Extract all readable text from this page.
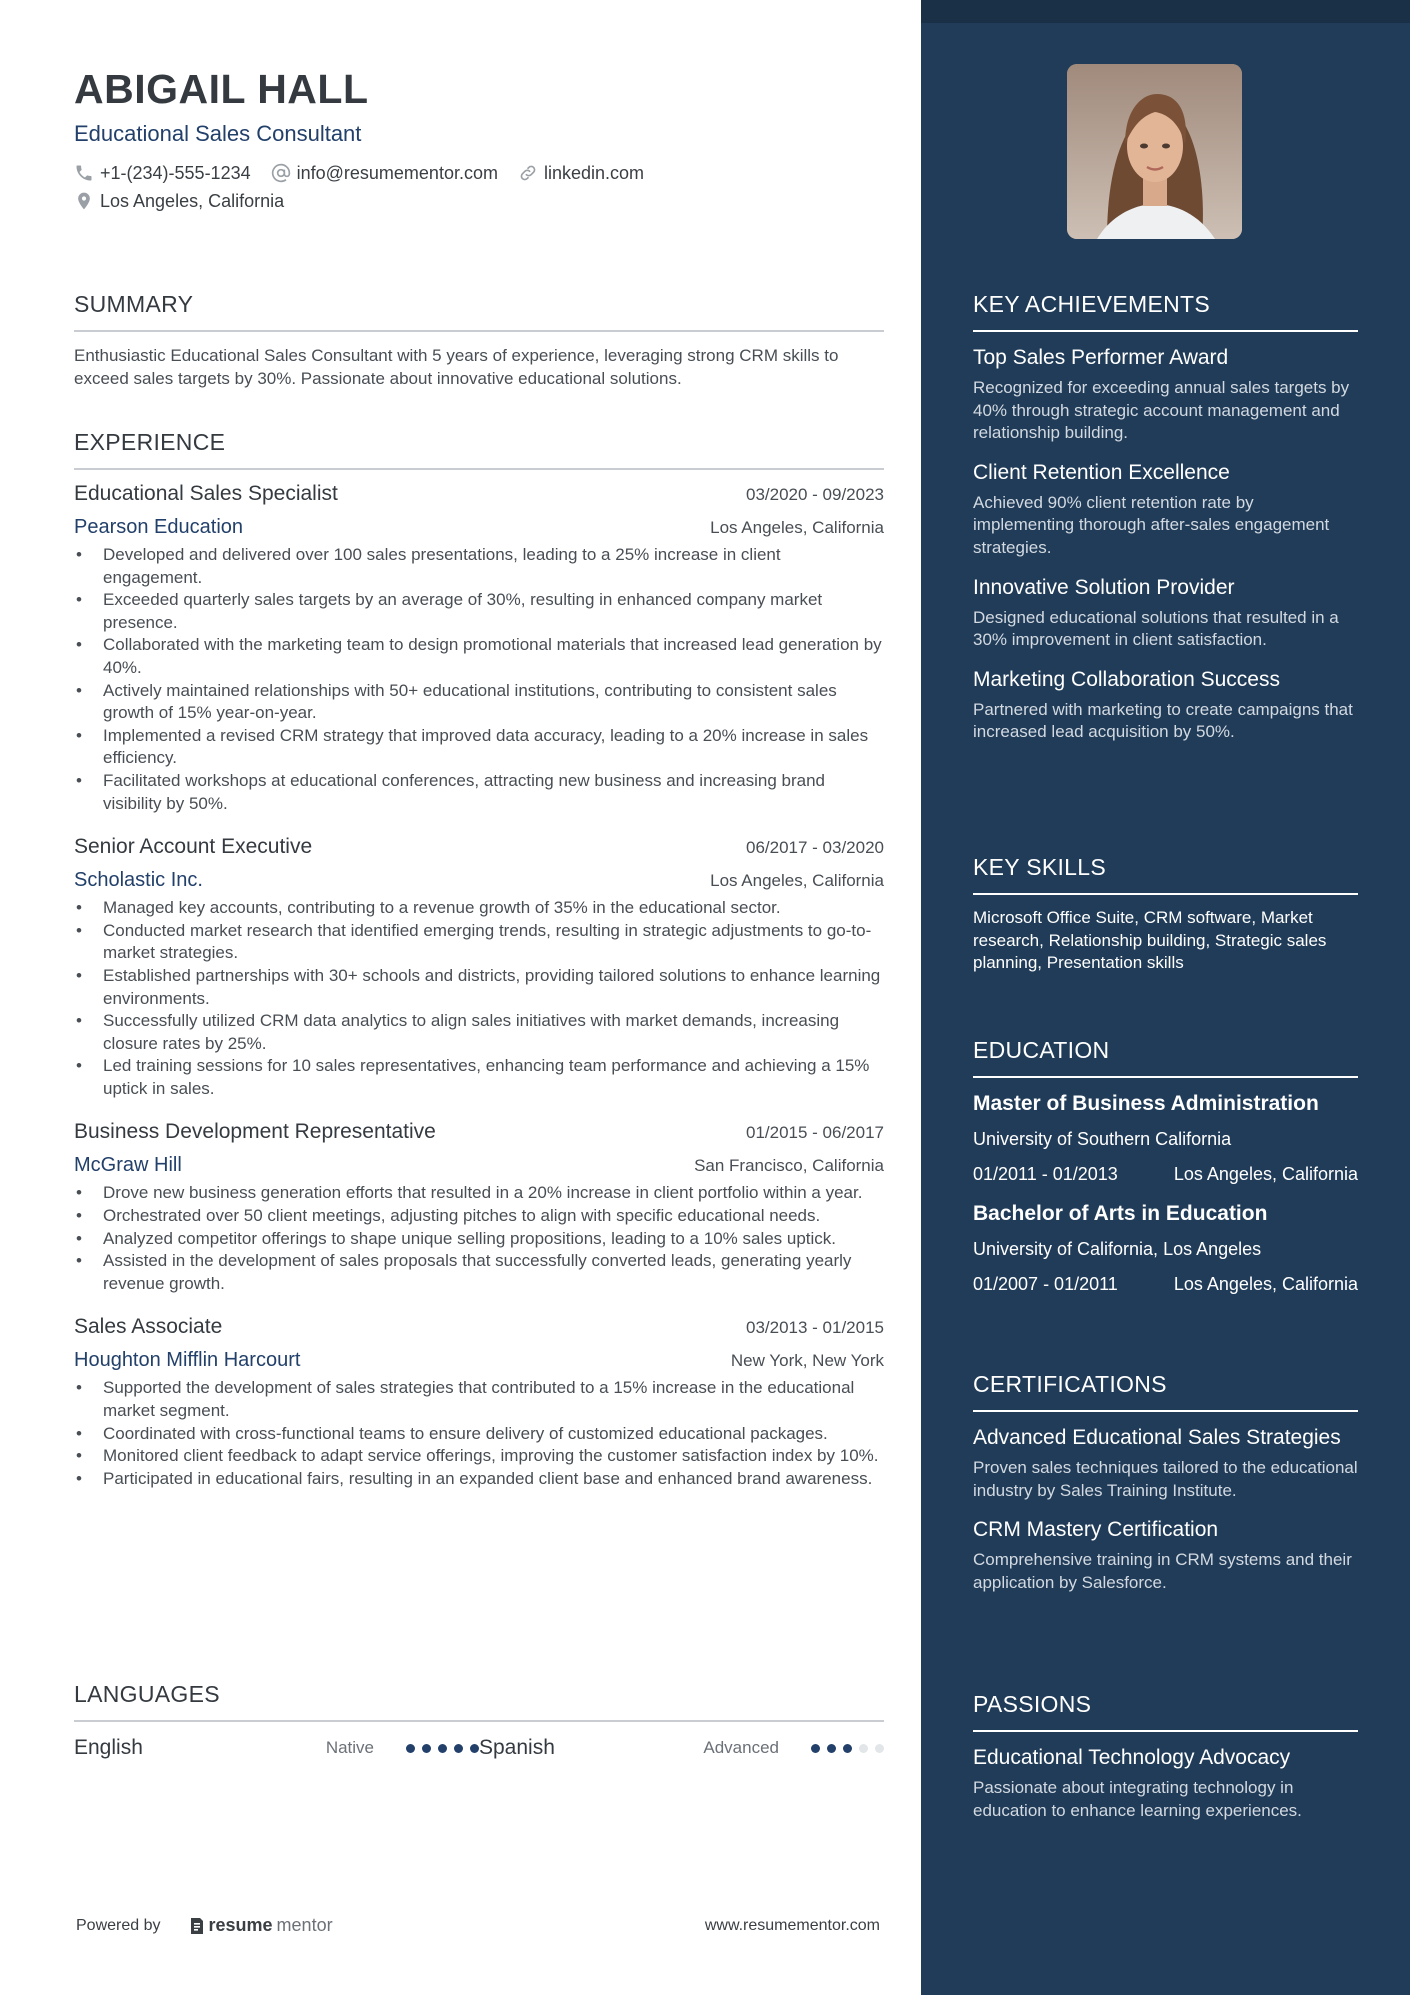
ABIGAIL HALL
Educational Sales Consultant
+1-(234)-555-1234	info@resumementor.com	linkedin.com
Los Angeles, California
SUMMARY
Enthusiastic Educational Sales Consultant with 5 years of experience, leveraging strong CRM skills to exceed sales targets by 30%. Passionate about innovative educational solutions.
EXPERIENCE
Educational Sales Specialist	03/2020 - 09/2023
Pearson Education	Los Angeles, California
• Developed and delivered over 100 sales presentations, leading to a 25% increase in client engagement.
• Exceeded quarterly sales targets by an average of 30%, resulting in enhanced company market presence.
• Collaborated with the marketing team to design promotional materials that increased lead generation by 40%.
• Actively maintained relationships with 50+ educational institutions, contributing to consistent sales growth of 15% year-on-year.
• Implemented a revised CRM strategy that improved data accuracy, leading to a 20% increase in sales efficiency.
• Facilitated workshops at educational conferences, attracting new business and increasing brand visibility by 50%.
Senior Account Executive	06/2017 - 03/2020
Scholastic Inc.	Los Angeles, California
• Managed key accounts, contributing to a revenue growth of 35% in the educational sector.
• Conducted market research that identified emerging trends, resulting in strategic adjustments to go-to-market strategies.
• Established partnerships with 30+ schools and districts, providing tailored solutions to enhance learning environments.
• Successfully utilized CRM data analytics to align sales initiatives with market demands, increasing closure rates by 25%.
• Led training sessions for 10 sales representatives, enhancing team performance and achieving a 15% uptick in sales.
Business Development Representative	01/2015 - 06/2017
McGraw Hill	San Francisco, California
• Drove new business generation efforts that resulted in a 20% increase in client portfolio within a year.
• Orchestrated over 50 client meetings, adjusting pitches to align with specific educational needs.
• Analyzed competitor offerings to shape unique selling propositions, leading to a 10% sales uptick.
• Assisted in the development of sales proposals that successfully converted leads, generating yearly revenue growth.
Sales Associate	03/2013 - 01/2015
Houghton Mifflin Harcourt	New York, New York
• Supported the development of sales strategies that contributed to a 15% increase in the educational market segment.
• Coordinated with cross-functional teams to ensure delivery of customized educational packages.
• Monitored client feedback to adapt service offerings, improving the customer satisfaction index by 10%.
• Participated in educational fairs, resulting in an expanded client base and enhanced brand awareness.
LANGUAGES
English	Native	Spanish	Advanced
Powered by	resume mentor	www.resumementor.com
KEY ACHIEVEMENTS
Top Sales Performer Award
Recognized for exceeding annual sales targets by 40% through strategic account management and relationship building.
Client Retention Excellence
Achieved 90% client retention rate by implementing thorough after-sales engagement strategies.
Innovative Solution Provider
Designed educational solutions that resulted in a 30% improvement in client satisfaction.
Marketing Collaboration Success
Partnered with marketing to create campaigns that increased lead acquisition by 50%.
KEY SKILLS
Microsoft Office Suite, CRM software, Market research, Relationship building, Strategic sales planning, Presentation skills
EDUCATION
Master of Business Administration
University of Southern California
01/2011 - 01/2013	Los Angeles, California
Bachelor of Arts in Education
University of California, Los Angeles
01/2007 - 01/2011	Los Angeles, California
CERTIFICATIONS
Advanced Educational Sales Strategies
Proven sales techniques tailored to the educational industry by Sales Training Institute.
CRM Mastery Certification
Comprehensive training in CRM systems and their application by Salesforce.
PASSIONS
Educational Technology Advocacy
Passionate about integrating technology in education to enhance learning experiences.
